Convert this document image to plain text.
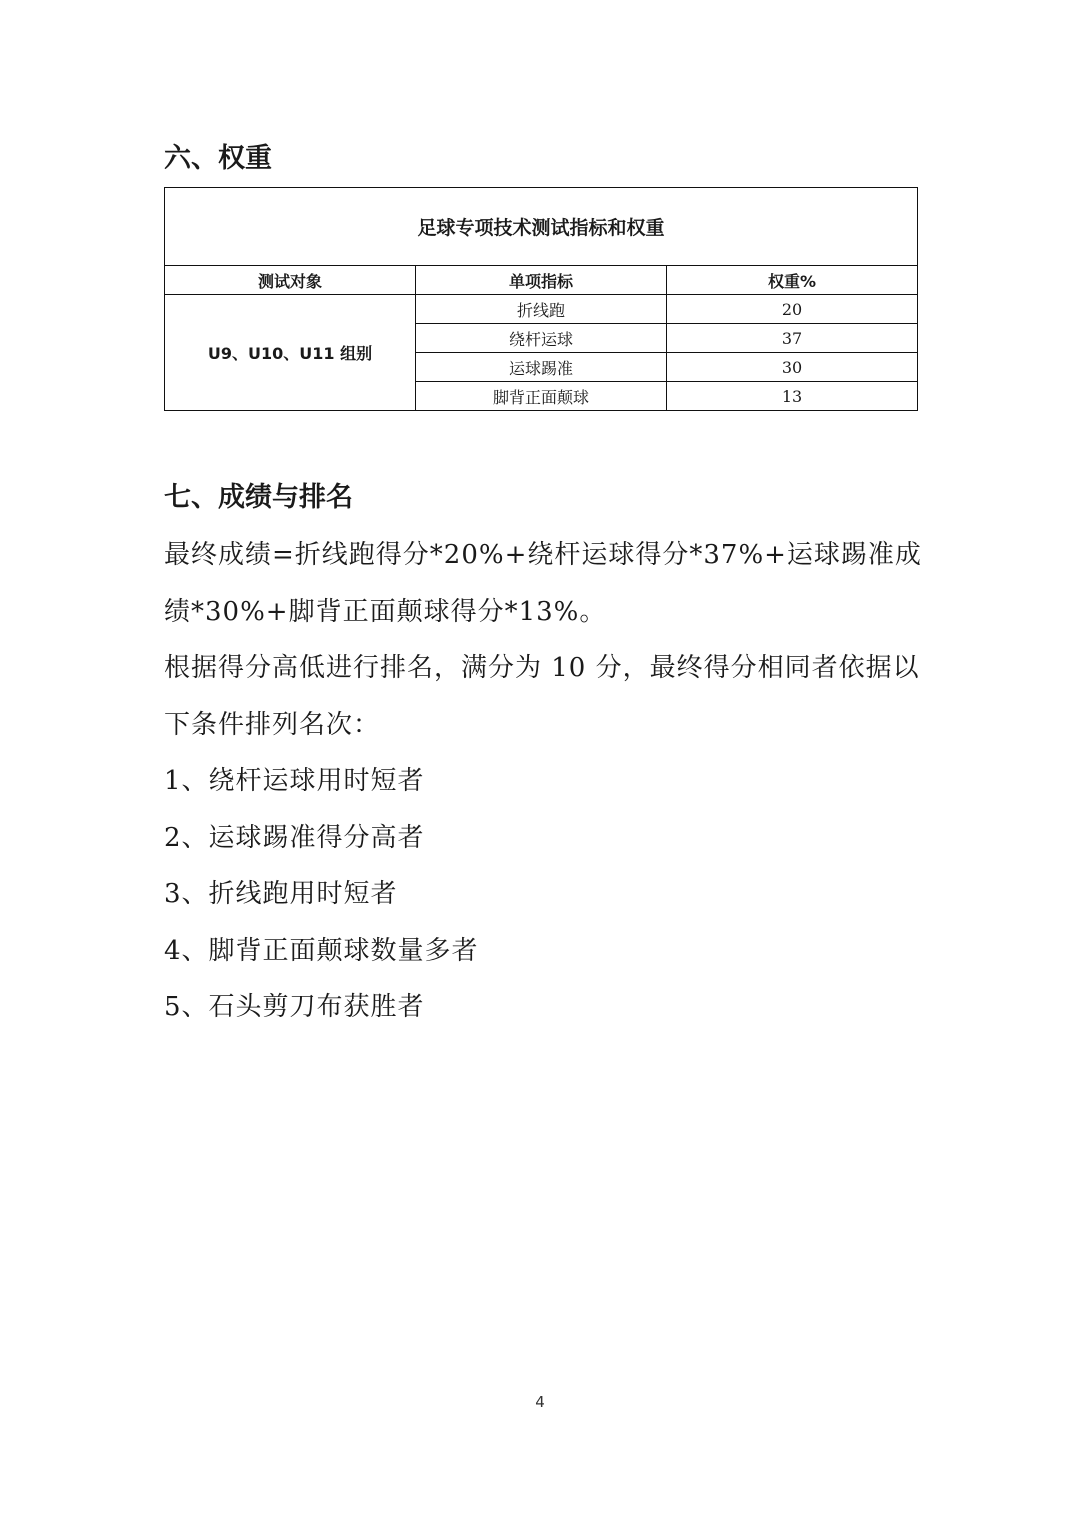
六、权重
足球专项技术测试指标和权重		
测试对象	单项指标	权重%
U9、U10、U11 组别	折线跑	20
	绕杆运球	37
	运球踢准	30
	脚背正面颠球	13
七、成绩与排名

最终成绩=折线跑得分*20%+绕杆运球得分*37%+运球踢准成绩*30%+脚背正面颠球得分*13%。

根据得分高低进行排名，满分为 10 分，最终得分相同者依据以下条件排列名次：

1、绕杆运球用时短者
2、运球踢准得分高者
3、折线跑用时短者
4、脚背正面颠球数量多者
5、石头剪刀布获胜者
4
